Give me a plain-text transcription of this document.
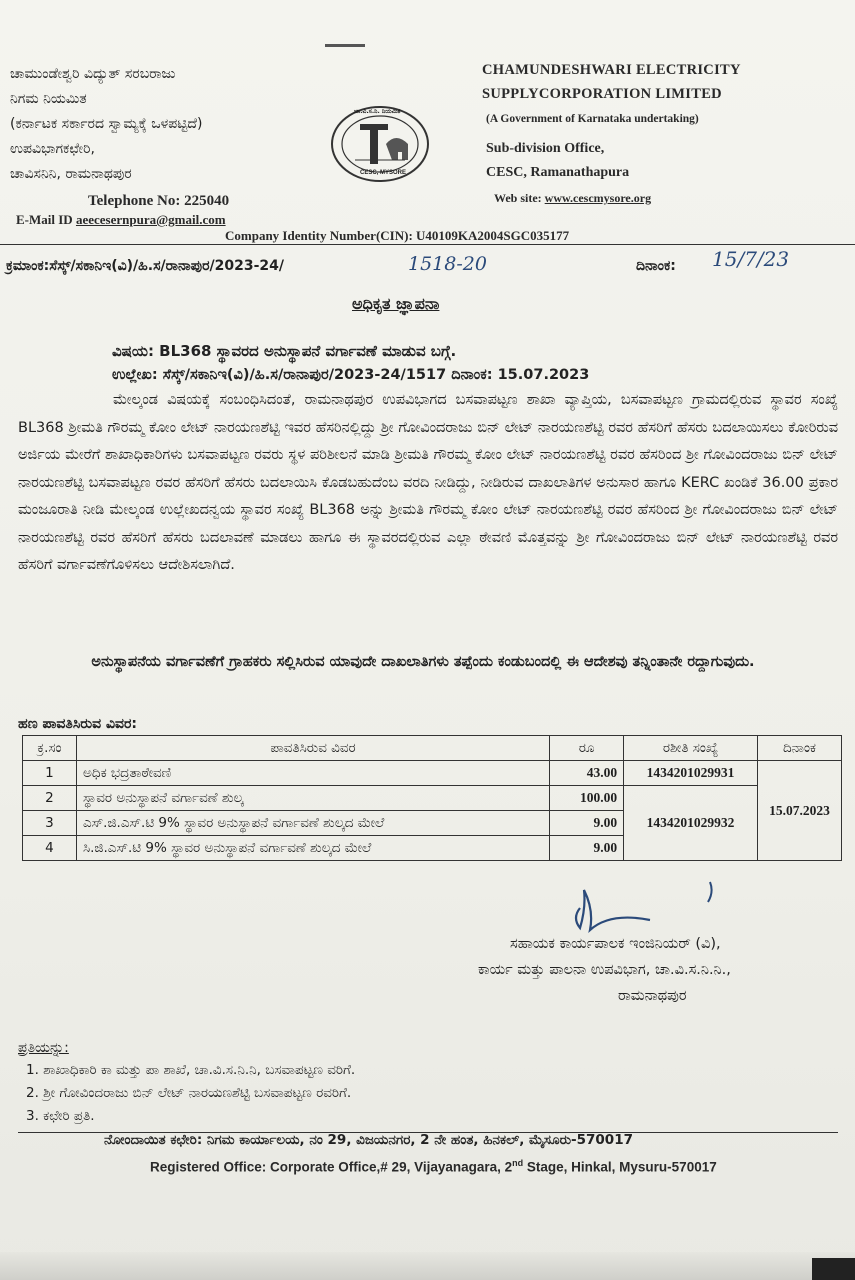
ಚಾಮುಂಡೇಶ್ವರಿ ವಿದ್ಯುತ್ ಸರಬರಾಜು
ನಿಗಮ ನಿಯಮಿತ
(ಕರ್ನಾಟಕ ಸರ್ಕಾರದ ಸ್ವಾಮ್ಯಕ್ಕೆ ಒಳಪಟ್ಟಿದೆ)
ಉಪವಿಭಾಗಕಛೇರಿ,
ಚಾವಿಸನಿನಿ, ರಾಮನಾಥಪುರ
ಚಾ.ವಿ.ಸ.ನಿ. ನಿಯಮಿತ
CESC, MYSORE
CHAMUNDESHWARI ELECTRICITY
SUPPLYCORPORATION LIMITED
(A Government of Karnataka undertaking)
Sub-division Office,
CESC, Ramanathapura
Web site: www.cescmysore.org
Telephone No: 225040
E-Mail ID aeecesernpura@gmail.com
Company Identity Number(CIN): U40109KA2004SGC035177
ಕ್ರಮಾಂಕ:ಸೆಸ್ಕ್/ಸಕಾನಿಇ(ವಿ)/ಹಿ.ಸ/ರಾನಾಪುರ/2023-24/	1518-20	ದಿನಾಂಕ: 15/7/23
ಅಧಿಕೃತ ಜ್ಞಾಪನಾ
ವಿಷಯ: BL368 ಸ್ಥಾವರದ ಅನುಸ್ಥಾಪನೆ ವರ್ಗಾವಣೆ ಮಾಡುವ ಬಗ್ಗೆ.
ಉಲ್ಲೇಖ: ಸೆಸ್ಕ್/ಸಕಾನಿಇ(ವಿ)/ಹಿ.ಸ/ರಾನಾಪುರ/2023-24/1517 ದಿನಾಂಕ: 15.07.2023
ಮೇಲ್ಕಂಡ ವಿಷಯಕ್ಕೆ ಸಂಬಂಧಿಸಿದಂತೆ, ರಾಮನಾಥಪುರ ಉಪವಿಭಾಗದ ಬಸವಾಪಟ್ಟಣ ಶಾಖಾ ವ್ಯಾಪ್ತಿಯ, ಬಸವಾಪಟ್ಟಣ ಗ್ರಾಮದಲ್ಲಿರುವ ಸ್ಥಾವರ ಸಂಖ್ಯೆ BL368 ಶ್ರೀಮತಿ ಗೌರಮ್ಮ ಕೋಂ ಲೇಟ್ ನಾರಯಣಶೆಟ್ಟಿ ಇವರ ಹೆಸರಿನಲ್ಲಿದ್ದು ಶ್ರೀ ಗೋವಿಂದರಾಜು ಬಿನ್ ಲೇಟ್ ನಾರಯಣಶೆಟ್ಟಿ ರವರ ಹೆಸರಿಗೆ ಹೆಸರು ಬದಲಾಯಿಸಲು ಕೋರಿರುವ ಅರ್ಜಿಯ ಮೇರೆಗೆ ಶಾಖಾಧಿಕಾರಿಗಳು ಬಸವಾಪಟ್ಟಣ ರವರು ಸ್ಥಳ ಪರಿಶೀಲನೆ ಮಾಡಿ ಶ್ರೀಮತಿ ಗೌರಮ್ಮ ಕೋಂ ಲೇಟ್ ನಾರಯಣಶೆಟ್ಟಿ ರವರ ಹೆಸರಿಂದ ಶ್ರೀ ಗೋವಿಂದರಾಜು ಬಿನ್ ಲೇಟ್ ನಾರಯಣಶೆಟ್ಟಿ ಬಸವಾಪಟ್ಟಣ ರವರ ಹೆಸರಿಗೆ ಹೆಸರು ಬದಲಾಯಿಸಿ ಕೊಡಬಹುದೆಂಬ ವರದಿ ನೀಡಿದ್ದು, ನೀಡಿರುವ ದಾಖಲಾತಿಗಳ ಅನುಸಾರ ಹಾಗೂ KERC ಖಂಡಿಕೆ 36.00 ಪ್ರಕಾರ ಮಂಜೂರಾತಿ ನೀಡಿ ಮೇಲ್ಕಂಡ ಉಲ್ಲೇಖದನ್ವಯ ಸ್ಥಾವರ ಸಂಖ್ಯೆ BL368 ಅನ್ನು ಶ್ರೀಮತಿ ಗೌರಮ್ಮ ಕೋಂ ಲೇಟ್ ನಾರಯಣಶೆಟ್ಟಿ ರವರ ಹೆಸರಿಂದ ಶ್ರೀ ಗೋವಿಂದರಾಜು ಬಿನ್ ಲೇಟ್ ನಾರಯಣಶೆಟ್ಟಿ ರವರ ಹೆಸರಿಗೆ ಹೆಸರು ಬದಲಾವಣೆ ಮಾಡಲು ಹಾಗೂ ಈ ಸ್ಥಾವರದಲ್ಲಿರುವ ಎಲ್ಲಾ ಠೇವಣಿ ಮೊತ್ತವನ್ನು ಶ್ರೀ ಗೋವಿಂದರಾಜು ಬಿನ್ ಲೇಟ್ ನಾರಯಣಶೆಟ್ಟಿ ರವರ ಹೆಸರಿಗೆ ವರ್ಗಾವಣೆಗೊಳಿಸಲು ಆದೇಶಿಸಲಾಗಿದೆ.
ಅನುಸ್ಥಾಪನೆಯ ವರ್ಗಾವಣೆಗೆ ಗ್ರಾಹಕರು ಸಲ್ಲಿಸಿರುವ ಯಾವುದೇ ದಾಖಲಾತಿಗಳು ತಪ್ಪೆಂದು ಕಂಡುಬಂದಲ್ಲಿ ಈ ಆದೇಶವು ತನ್ನಿಂತಾನೇ ರದ್ದಾಗುವುದು.
ಹಣ ಪಾವತಿಸಿರುವ ವಿವರ:
ಕ್ರ.ಸಂ	ಪಾವತಿಸಿರುವ ವಿವರ	ರೂ	ರಶೀತಿ ಸಂಖ್ಯೆ	ದಿನಾಂಕ
1	ಅಧಿಕ ಭದ್ರತಾಠೇವಣಿ	43.00	1434201029931	15.07.2023
2	ಸ್ಥಾವರ ಅನುಸ್ಥಾಪನೆ ವರ್ಗಾವಣೆ ಶುಲ್ಕ	100.00	1434201029932	
3	ಎಸ್.ಜಿ.ಎಸ್.ಟಿ 9% ಸ್ಥಾವರ ಅನುಸ್ಥಾಪನೆ ವರ್ಗಾವಣೆ ಶುಲ್ಕದ ಮೇಲೆ	9.00		
4	ಸಿ.ಜಿ.ಎಸ್.ಟಿ 9% ಸ್ಥಾವರ ಅನುಸ್ಥಾಪನೆ ವರ್ಗಾವಣೆ ಶುಲ್ಕದ ಮೇಲೆ	9.00		
ಸಹಾಯಕ ಕಾರ್ಯಪಾಲಕ ಇಂಜಿನಿಯರ್ (ವಿ),
ಕಾರ್ಯ ಮತ್ತು ಪಾಲನಾ ಉಪವಿಭಾಗ, ಚಾ.ವಿ.ಸ.ನಿ.ನಿ.,
ರಾಮನಾಥಪುರ
ಪ್ರತಿಯನ್ನು:
1. ಶಾಖಾಧಿಕಾರಿ ಕಾ ಮತ್ತು ಪಾ ಶಾಖೆ, ಚಾ.ವಿ.ಸ.ನಿ.ನಿ, ಬಸವಾಪಟ್ಟಣ ವರಿಗೆ.
2. ಶ್ರೀ ಗೋವಿಂದರಾಜು ಬಿನ್ ಲೇಟ್ ನಾರಯಣಶೆಟ್ಟಿ ಬಸವಾಪಟ್ಟಣ ರವರಿಗೆ.
3. ಕಛೇರಿ ಪ್ರತಿ.
ನೋಂದಾಯಿತ ಕಛೇರಿ: ನಿಗಮ ಕಾರ್ಯಾಲಯ, ನಂ 29, ವಿಜಯನಗರ, 2 ನೇ ಹಂತ, ಹಿನಕಲ್, ಮೈಸೂರು-570017
Registered Office: Corporate Office,# 29, Vijayanagara, 2nd Stage, Hinkal, Mysuru-570017
